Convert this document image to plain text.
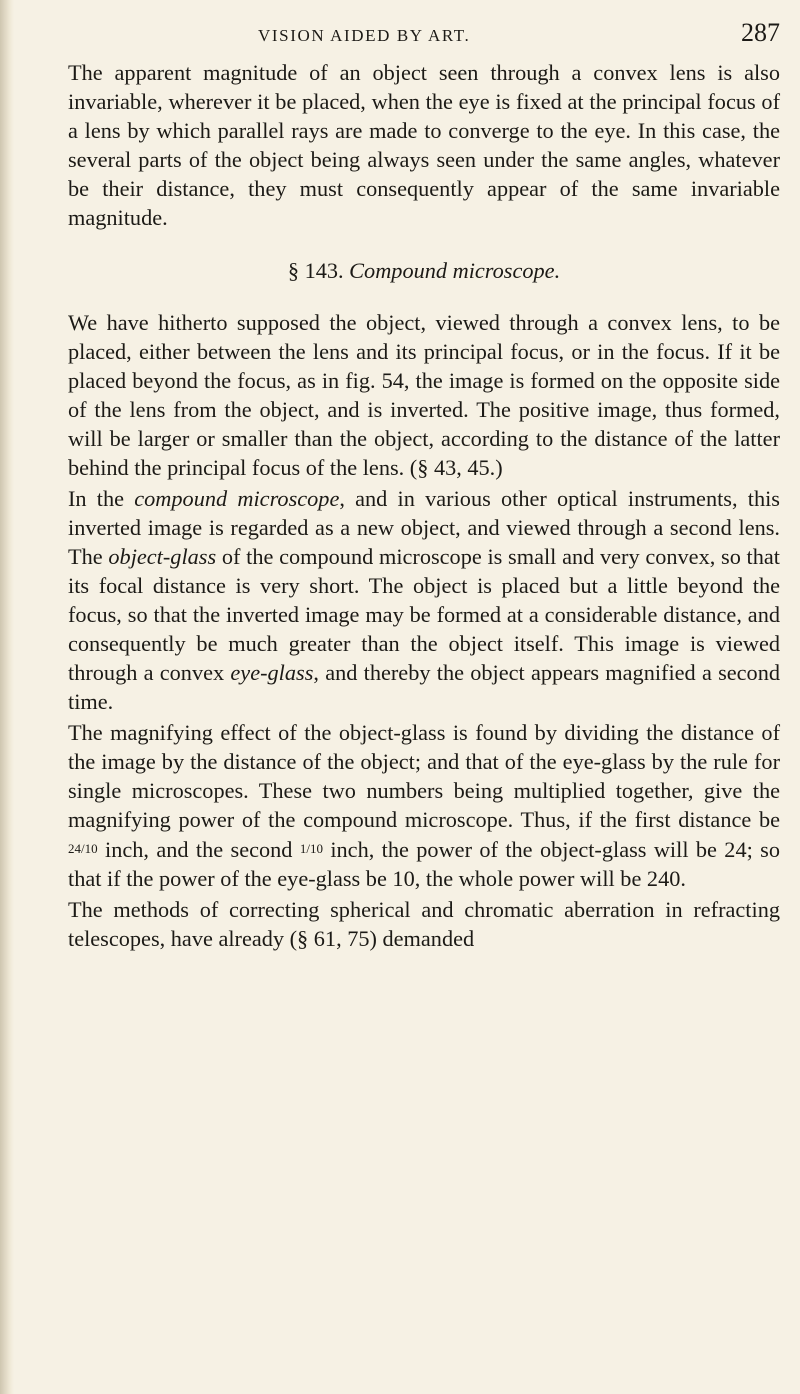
VISION AIDED BY ART.	287

The apparent magnitude of an object seen through a convex lens is also invariable, wherever it be placed, when the eye is fixed at the principal focus of a lens by which parallel rays are made to converge to the eye. In this case, the several parts of the object being always seen under the same angles, whatever be their distance, they must consequently appear of the same invariable magnitude.

§ 143. Compound microscope.

We have hitherto supposed the object, viewed through a convex lens, to be placed, either between the lens and its principal focus, or in the focus. If it be placed beyond the focus, as in fig. 54, the image is formed on the opposite side of the lens from the object, and is inverted. The positive image, thus formed, will be larger or smaller than the object, according to the distance of the latter behind the principal focus of the lens. (§ 43, 45.)

In the compound microscope, and in various other optical instruments, this inverted image is regarded as a new object, and viewed through a second lens. The object-glass of the compound microscope is small and very convex, so that its focal distance is very short. The object is placed but a little beyond the focus, so that the inverted image may be formed at a considerable distance, and consequently be much greater than the object itself. This image is viewed through a convex eye-glass, and thereby the object appears magnified a second time.

The magnifying effect of the object-glass is found by dividing the distance of the image by the distance of the object; and that of the eye-glass by the rule for single microscopes. These two numbers being multiplied together, give the magnifying power of the compound microscope. Thus, if the first distance be 24/10 inch, and the second 1/10 inch, the power of the object-glass will be 24; so that if the power of the eye-glass be 10, the whole power will be 240.

The methods of correcting spherical and chromatic aberration in refracting telescopes, have already (§ 61, 75) demanded
